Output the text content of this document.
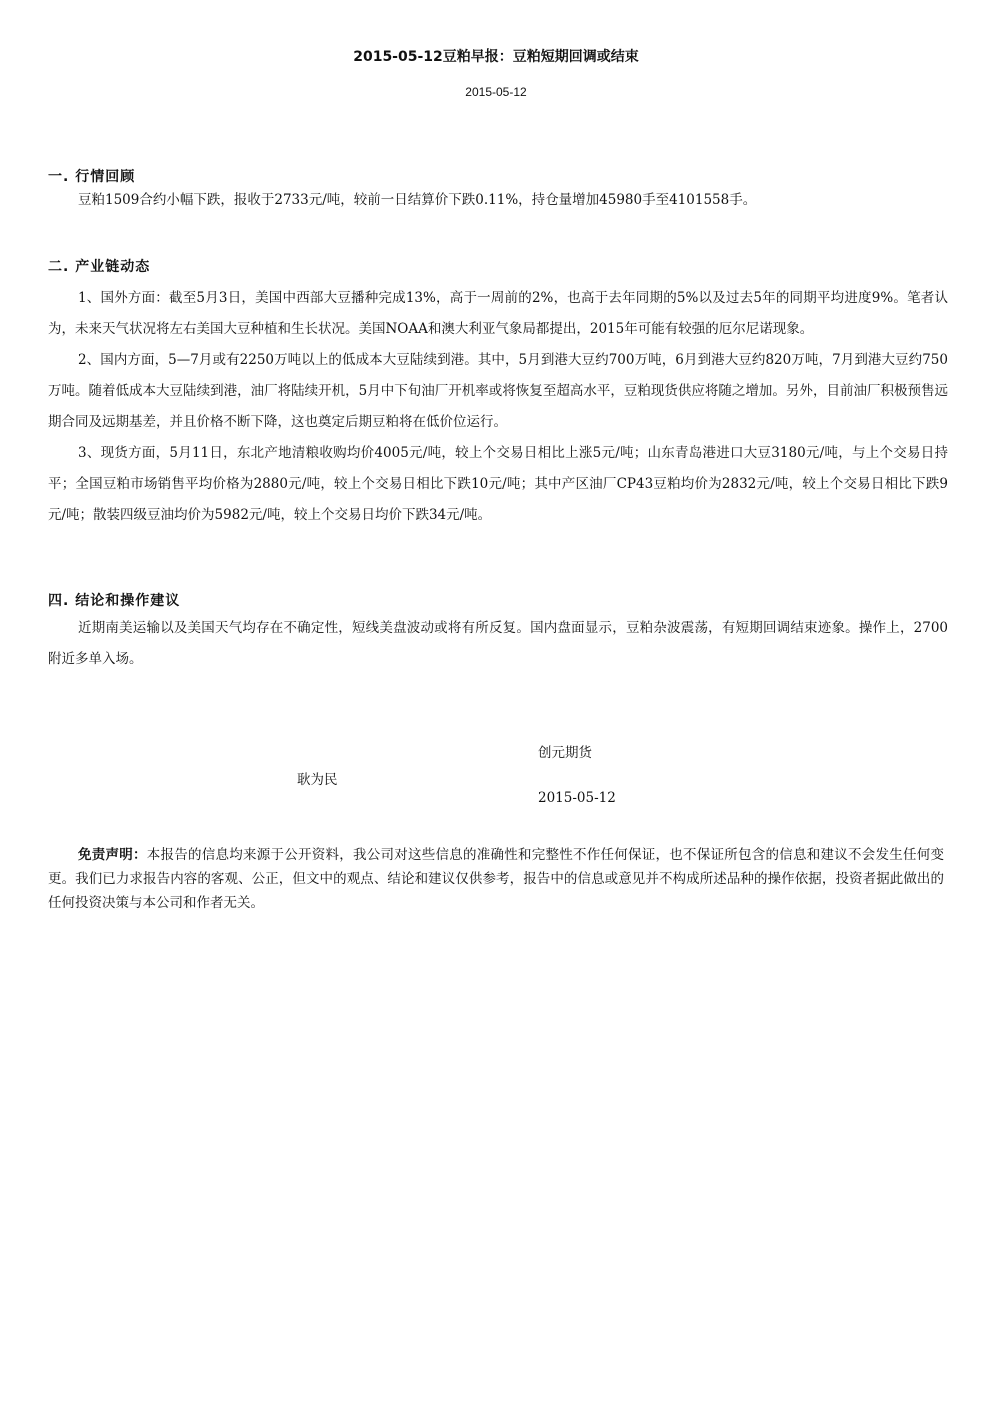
2015-05-12豆粕早报：豆粕短期回调或结束
2015-05-12

一. 行情回顾

豆粕1509合约小幅下跌，报收于2733元/吨，较前一日结算价下跌0.11%，持仓量增加45980手至4101558手。

二. 产业链动态

1、国外方面：截至5月3日，美国中西部大豆播种完成13%，高于一周前的2%，也高于去年同期的5%以及过去5年的同期平均进度9%。笔者认为，未来天气状况将左右美国大豆种植和生长状况。美国NOAA和澳大利亚气象局都提出，2015年可能有较强的厄尔尼诺现象。

2、国内方面，5—7月或有2250万吨以上的低成本大豆陆续到港。其中，5月到港大豆约700万吨，6月到港大豆约820万吨，7月到港大豆约750万吨。随着低成本大豆陆续到港，油厂将陆续开机，5月中下旬油厂开机率或将恢复至超高水平，豆粕现货供应将随之增加。另外，目前油厂积极预售远期合同及远期基差，并且价格不断下降，这也奠定后期豆粕将在低价位运行。

3、现货方面，5月11日，东北产地清粮收购均价4005元/吨，较上个交易日相比上涨5元/吨；山东青岛港进口大豆3180元/吨，与上个交易日持平；全国豆粕市场销售平均价格为2880元/吨，较上个交易日相比下跌10元/吨；其中产区油厂CP43豆粕均价为2832元/吨，较上个交易日相比下跌9元/吨；散装四级豆油均价为5982元/吨，较上个交易日均价下跌34元/吨。

四. 结论和操作建议

近期南美运输以及美国天气均存在不确定性，短线美盘波动或将有所反复。国内盘面显示，豆粕杂波震荡，有短期回调结束迹象。操作上，2700附近多单入场。

创元期货
耿为民
2015-05-12

免责声明：本报告的信息均来源于公开资料，我公司对这些信息的准确性和完整性不作任何保证，也不保证所包含的信息和建议不会发生任何变更。我们已力求报告内容的客观、公正，但文中的观点、结论和建议仅供参考，报告中的信息或意见并不构成所述品种的操作依据，投资者据此做出的任何投资决策与本公司和作者无关。
